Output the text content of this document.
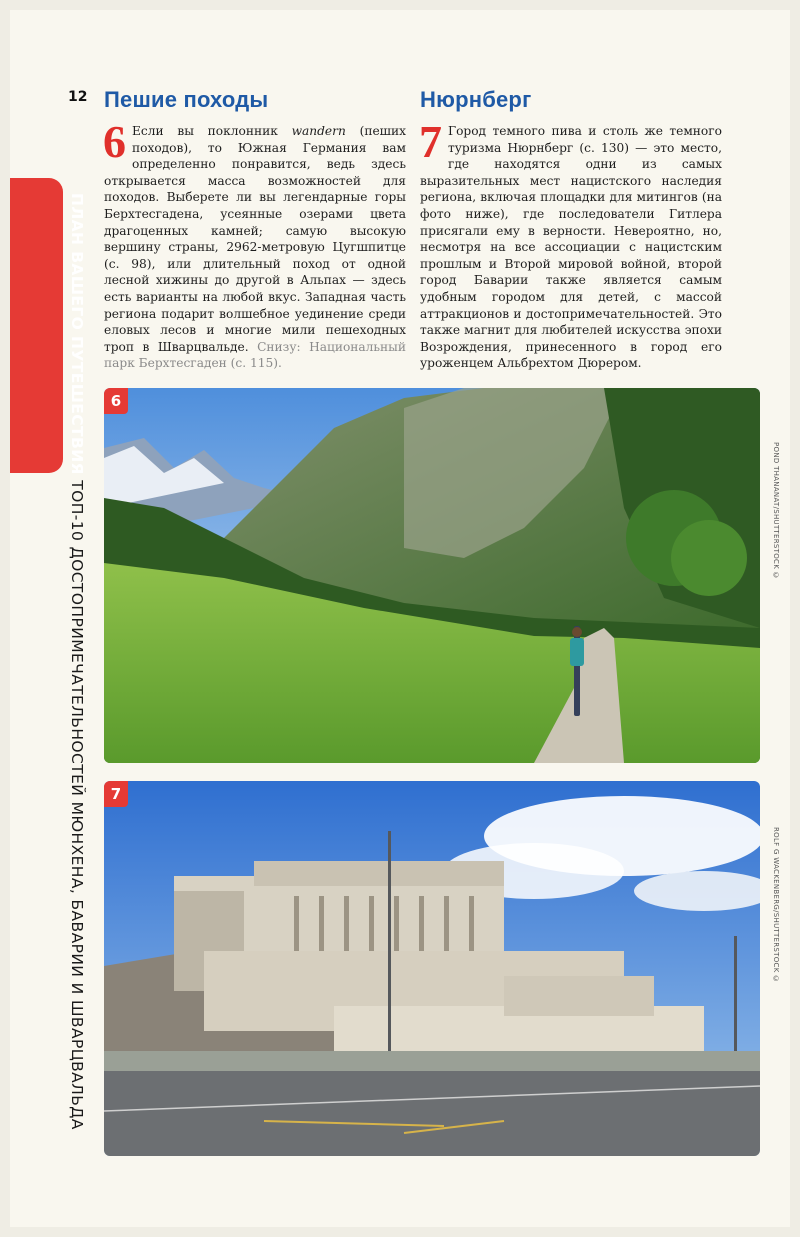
12
ПЛАН ВАШЕГО ПУТЕШЕСТВИЯ ТОП-10 ДОСТОПРИМЕЧАТЕЛЬНОСТЕЙ МЮНХЕНА, БАВАРИИ И ШВАРЦВАЛЬДА
Пешие походы
6 Если вы поклонник wandern (пеших походов), то Южная Германия вам определенно понравится, ведь здесь открывается масса возможностей для походов. Выберете ли вы легендарные горы Берхтесгадена, усеянные озерами цвета драгоценных камней; самую высокую вершину страны, 2962-метровую Цугшпитце (с. 98), или длительный поход от одной лесной хижины до другой в Альпах — здесь есть варианты на любой вкус. Западная часть региона подарит волшебное уединение среди еловых лесов и многие мили пешеходных троп в Шварцвальде. Снизу: Национальный парк Берхтесгаден (с. 115).
Нюрнберг
7 Город темного пива и столь же темного туризма Нюрнберг (с. 130) — это место, где находятся одни из самых выразительных мест нацистского наследия региона, включая площадки для митингов (на фото ниже), где последователи Гитлера присягали ему в верности. Невероятно, но, несмотря на все ассоциации с нацистским прошлым и Второй мировой войной, второй город Баварии также является самым удобным городом для детей, с массой аттракционов и достопримечательностей. Это также магнит для любителей искусства эпохи Возрождения, принесенного в город его уроженцем Альбрехтом Дюрером.
6
POND THANANAT/SHUTTERSTOCK ©
7
ROLF G WACKENBERG/SHUTTERSTOCK ©
